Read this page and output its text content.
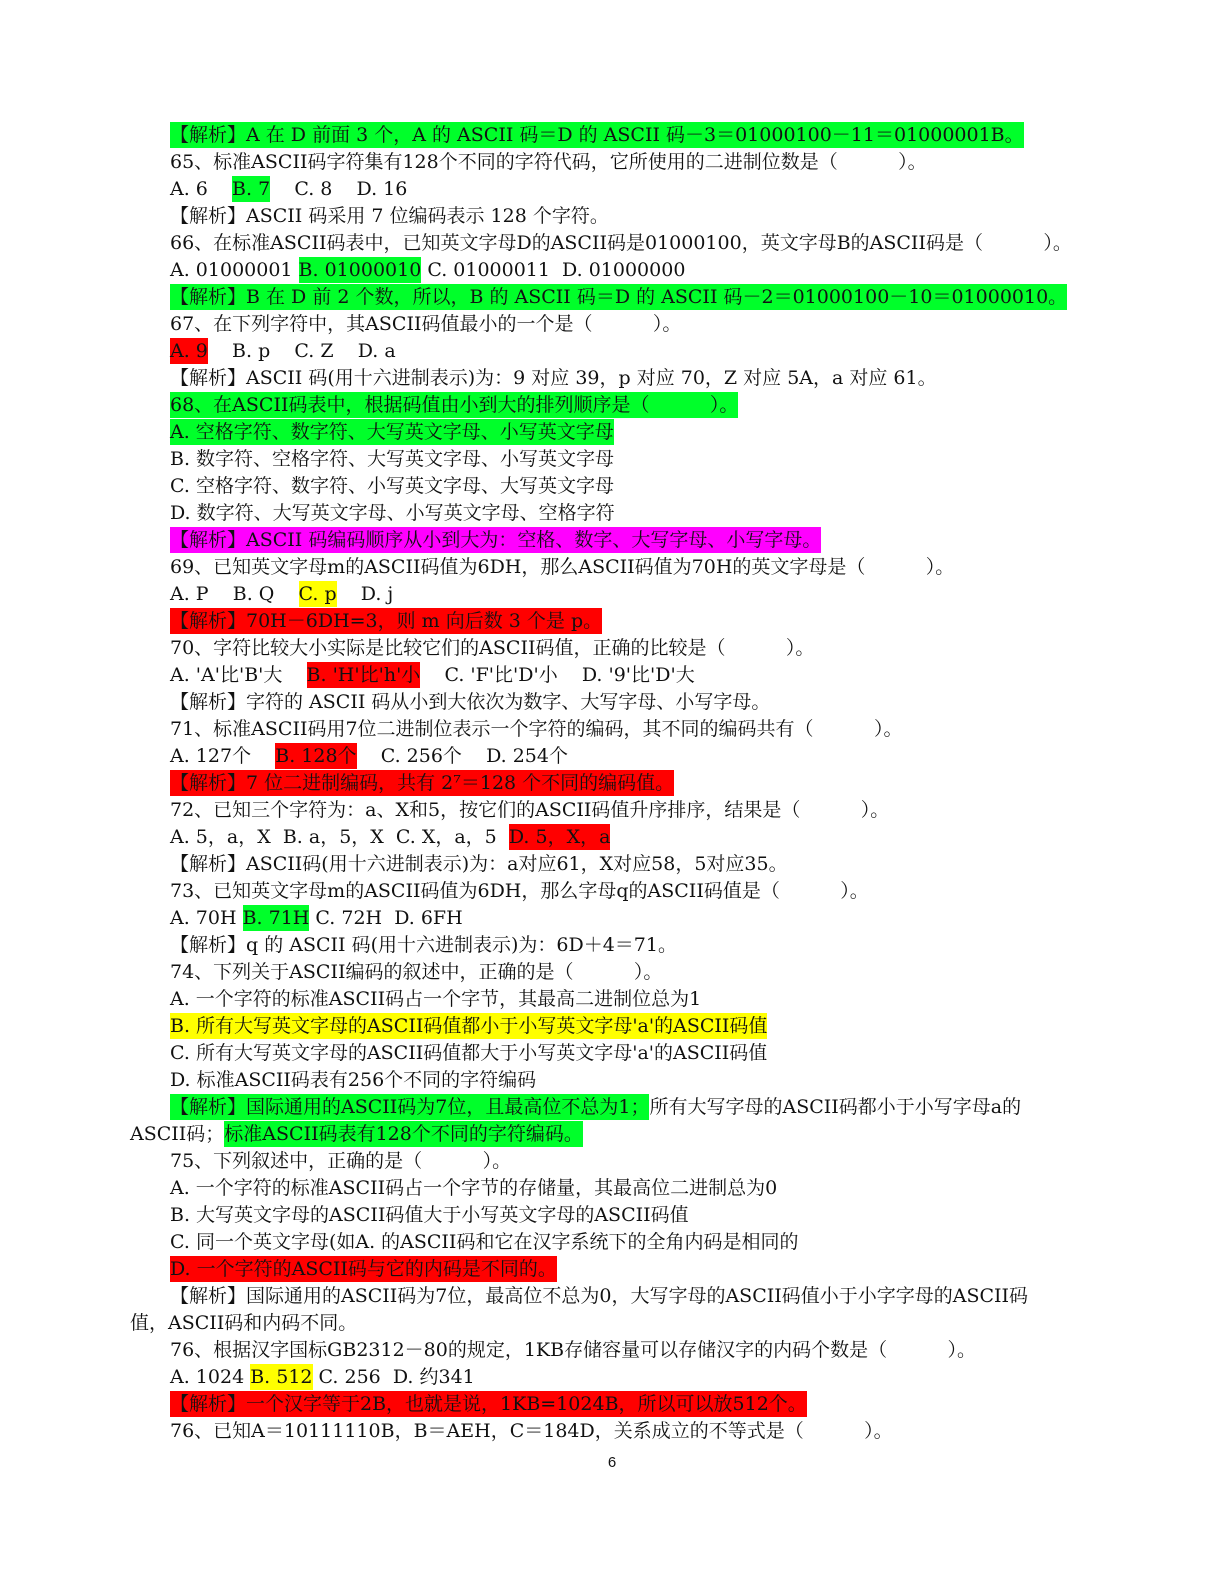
【解析】A 在 D 前面 3 个，A 的 ASCII 码＝D 的 ASCII 码－3＝01000100－11＝01000001B。
65、标准ASCII码字符集有128个不同的字符代码，它所使用的二进制位数是（          ）。
A. 6    B. 7    C. 8    D. 16
【解析】ASCII 码采用 7 位编码表示 128 个字符。
66、在标准ASCII码表中，已知英文字母D的ASCII码是01000100，英文字母B的ASCII码是（          ）。
A. 01000001 B. 01000010 C. 01000011  D. 01000000
【解析】B 在 D 前 2 个数，所以，B 的 ASCII 码＝D 的 ASCII 码－2＝01000100－10＝01000010。
67、在下列字符中，其ASCII码值最小的一个是（          ）。
A. 9    B. p    C. Z    D. a
【解析】ASCII 码(用十六进制表示)为：9 对应 39，p 对应 70，Z 对应 5A，a 对应 61。
68、在ASCII码表中，根据码值由小到大的排列顺序是（          ）。
A. 空格字符、数字符、大写英文字母、小写英文字母
B. 数字符、空格字符、大写英文字母、小写英文字母
C. 空格字符、数字符、小写英文字母、大写英文字母
D. 数字符、大写英文字母、小写英文字母、空格字符
【解析】ASCII 码编码顺序从小到大为：空格、数字、大写字母、小写字母。
69、已知英文字母m的ASCII码值为6DH，那么ASCII码值为70H的英文字母是（          ）。
A. P    B. Q    C. p    D. j
【解析】70H－6DH=3，则 m 向后数 3 个是 p。
70、字符比较大小实际是比较它们的ASCII码值，正确的比较是（          ）。
A. 'A'比'B'大    B. 'H'比'h'小    C. 'F'比'D'小    D. '9'比'D'大
【解析】字符的 ASCII 码从小到大依次为数字、大写字母、小写字母。
71、标准ASCII码用7位二进制位表示一个字符的编码，其不同的编码共有（          ）。
A. 127个    B. 128个    C. 256个    D. 254个
【解析】7 位二进制编码，共有 2⁷＝128 个不同的编码值。
72、已知三个字符为：a、X和5，按它们的ASCII码值升序排序，结果是（          ）。
A. 5，a，X  B. a，5，X  C. X，a，5  D. 5，X，a
【解析】ASCII码(用十六进制表示)为：a对应61，X对应58，5对应35。
73、已知英文字母m的ASCII码值为6DH，那么字母q的ASCII码值是（          ）。
A. 70H B. 71H C. 72H  D. 6FH
【解析】q 的 ASCII 码(用十六进制表示)为：6D＋4＝71。
74、下列关于ASCII编码的叙述中，正确的是（          ）。
A. 一个字符的标准ASCII码占一个字节，其最高二进制位总为1
B. 所有大写英文字母的ASCII码值都小于小写英文字母'a'的ASCII码值
C. 所有大写英文字母的ASCII码值都大于小写英文字母'a'的ASCII码值
D. 标准ASCII码表有256个不同的字符编码
【解析】国际通用的ASCII码为7位，且最高位不总为1；所有大写字母的ASCII码都小于小写字母a的
ASCII码；标准ASCII码表有128个不同的字符编码。
75、下列叙述中，正确的是（          ）。
A. 一个字符的标准ASCII码占一个字节的存储量，其最高位二进制总为0
B. 大写英文字母的ASCII码值大于小写英文字母的ASCII码值
C. 同一个英文字母(如A. 的ASCII码和它在汉字系统下的全角内码是相同的
D. 一个字符的ASCII码与它的内码是不同的。
【解析】国际通用的ASCII码为7位，最高位不总为0，大写字母的ASCII码值小于小字字母的ASCII码
值，ASCII码和内码不同。
76、根据汉字国标GB2312－80的规定，1KB存储容量可以存储汉字的内码个数是（          ）。
A. 1024 B. 512 C. 256  D. 约341
【解析】一个汉字等于2B，也就是说，1KB=1024B，所以可以放512个。
76、已知A＝10111110B，B＝AEH，C＝184D，关系成立的不等式是（          ）。
6
